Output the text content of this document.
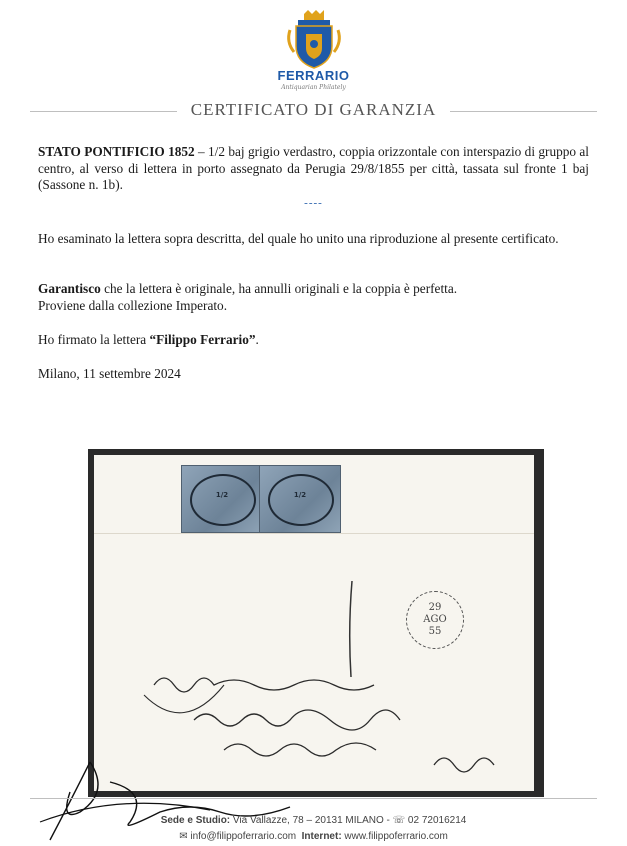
FERRARIO
Antiquarian Philately
CERTIFICATO DI GARANZIA
STATO PONTIFICIO 1852 – 1/2 baj grigio verdastro, coppia orizzontale con interspazio di gruppo al centro, al verso di lettera in porto assegnato da Perugia 29/8/1855 per città, tassata sul fronte 1 baj (Sassone n. 1b).
----
Ho esaminato la lettera sopra descritta, del quale ho unito una riproduzione al presente certificato.
Garantisco che la lettera è originale, ha annulli originali e la coppia è perfetta.
Proviene dalla collezione Imperato.
Ho firmato la lettera “Filippo Ferrario”.
Milano, 11 settembre 2024
1/2	1/2
29
AGO
55
Sede e Studio: Via Vallazze, 78 – 20131 MILANO - ☏ 02 72016214
✉ info@filippoferrario.com Internet: www.filippoferrario.com
